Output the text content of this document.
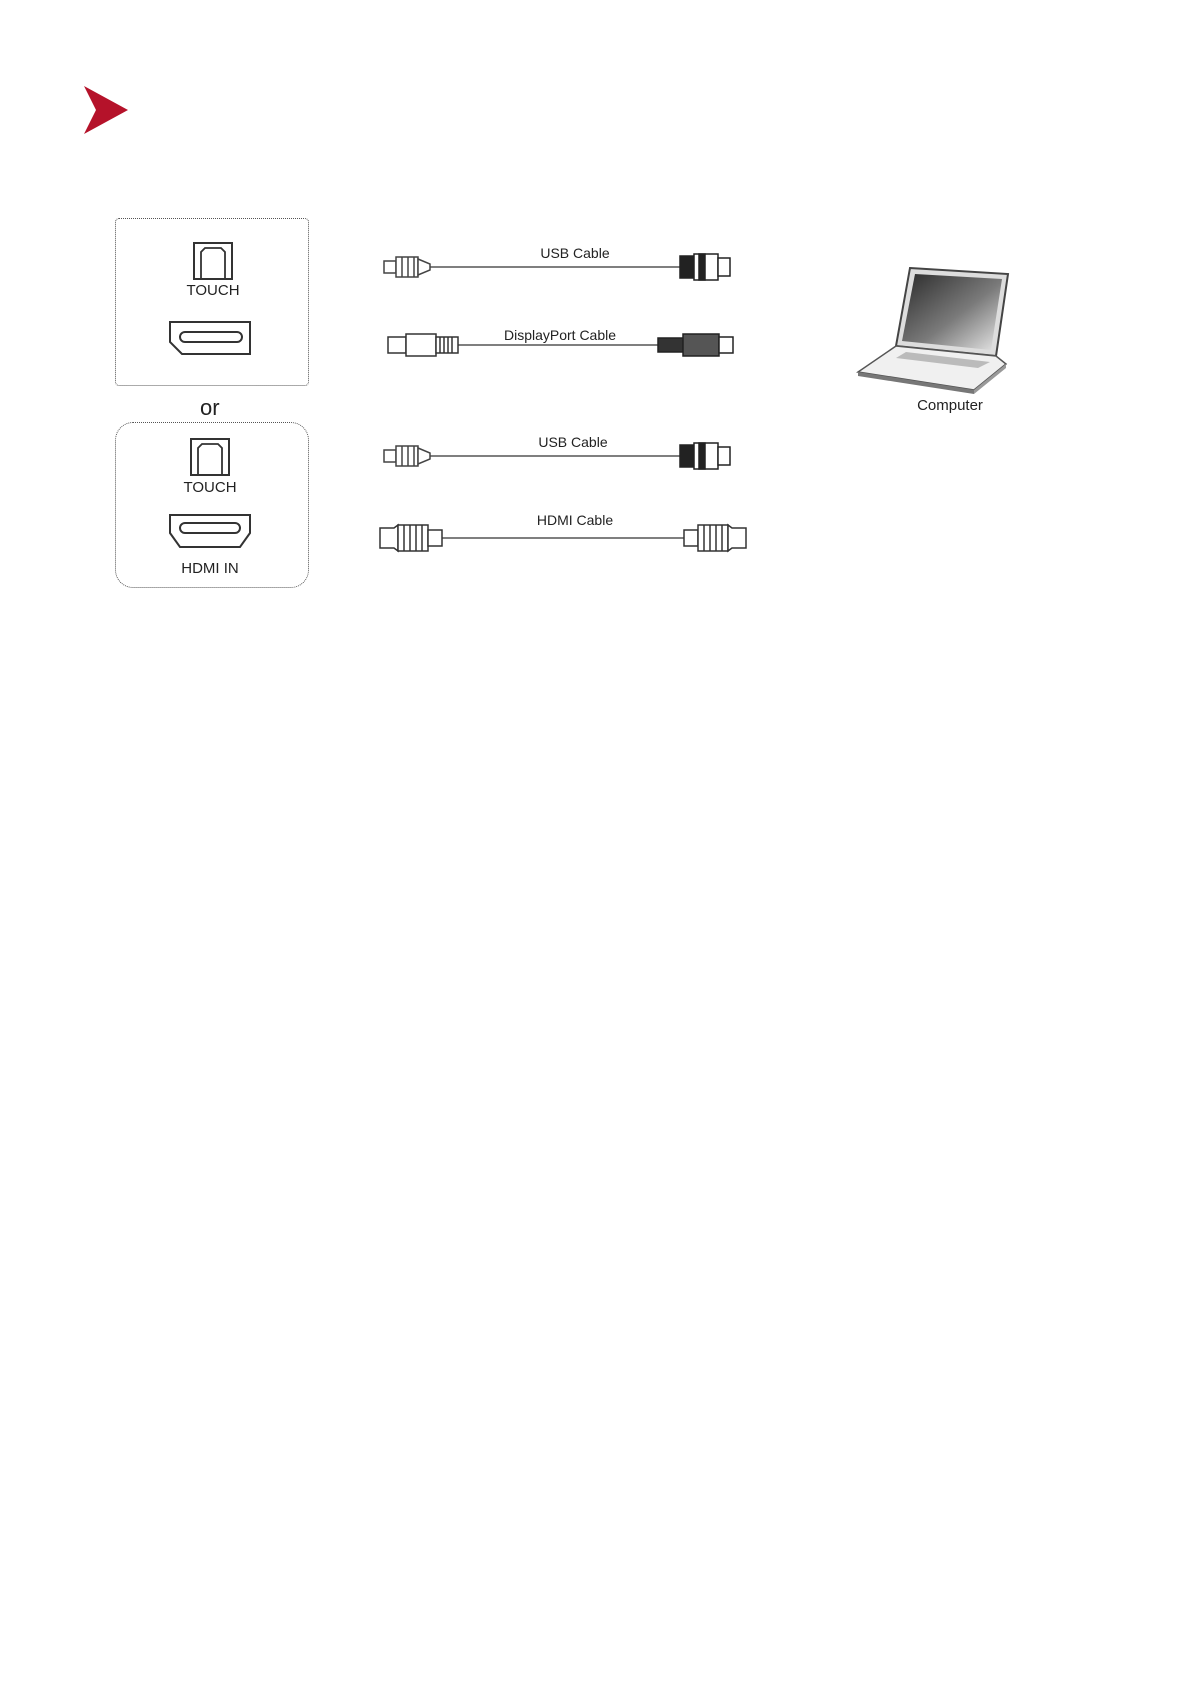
TOUCH
or
TOUCH
HDMI IN
USB Cable
DisplayPort Cable
USB Cable
HDMI Cable
Computer
